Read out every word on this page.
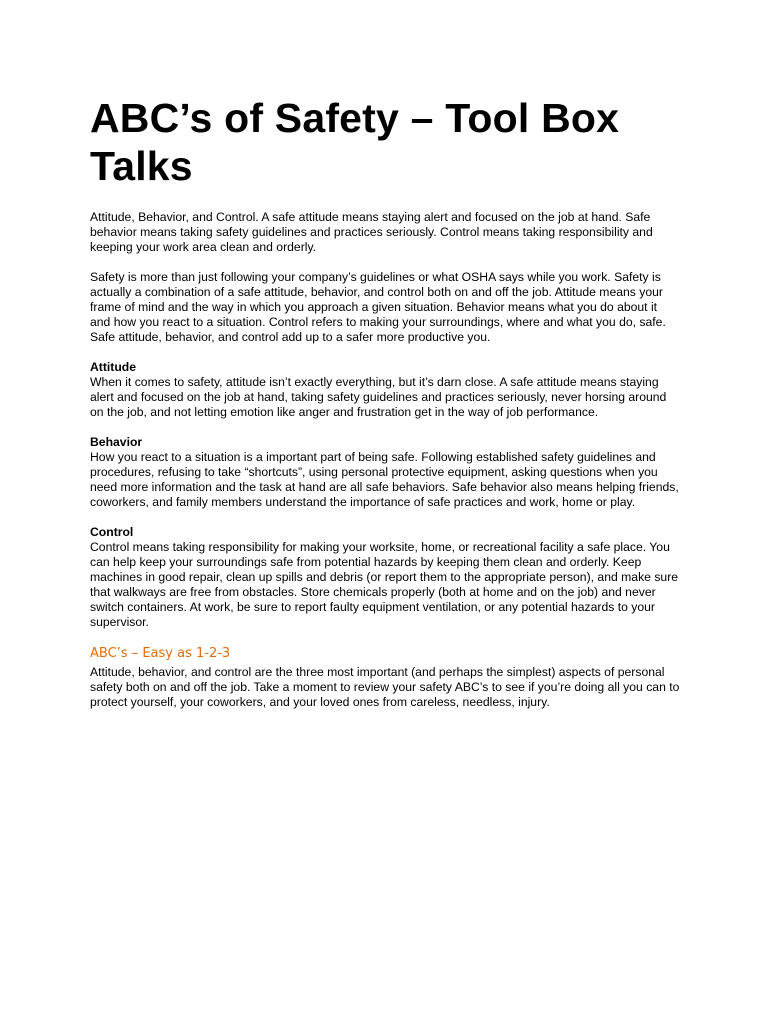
ABC’s of Safety – Tool Box Talks

Attitude, Behavior, and Control. A safe attitude means staying alert and focused on the job at hand. Safe behavior means taking safety guidelines and practices seriously. Control means taking responsibility and keeping your work area clean and orderly.

Safety is more than just following your company’s guidelines or what OSHA says while you work. Safety is actually a combination of a safe attitude, behavior, and control both on and off the job. Attitude means your frame of mind and the way in which you approach a given situation. Behavior means what you do about it and how you react to a situation. Control refers to making your surroundings, where and what you do, safe. Safe attitude, behavior, and control add up to a safer more productive you.

Attitude

When it comes to safety, attitude isn’t exactly everything, but it’s darn close. A safe attitude means staying alert and focused on the job at hand, taking safety guidelines and practices seriously, never horsing around on the job, and not letting emotion like anger and frustration get in the way of job performance.

Behavior

How you react to a situation is a important part of being safe. Following established safety guidelines and procedures, refusing to take “shortcuts”, using personal protective equipment, asking questions when you need more information and the task at hand are all safe behaviors. Safe behavior also means helping friends, coworkers, and family members understand the importance of safe practices and work, home or play.

Control

Control means taking responsibility for making your worksite, home, or recreational facility a safe place. You can help keep your surroundings safe from potential hazards by keeping them clean and orderly. Keep machines in good repair, clean up spills and debris (or report them to the appropriate person), and make sure that walkways are free from obstacles. Store chemicals properly (both at home and on the job) and never switch containers. At work, be sure to report faulty equipment ventilation, or any potential hazards to your supervisor.

ABC’s – Easy as 1-2-3

Attitude, behavior, and control are the three most important (and perhaps the simplest) aspects of personal safety both on and off the job. Take a moment to review your safety ABC’s to see if you’re doing all you can to protect yourself, your coworkers, and your loved ones from careless, needless, injury.
